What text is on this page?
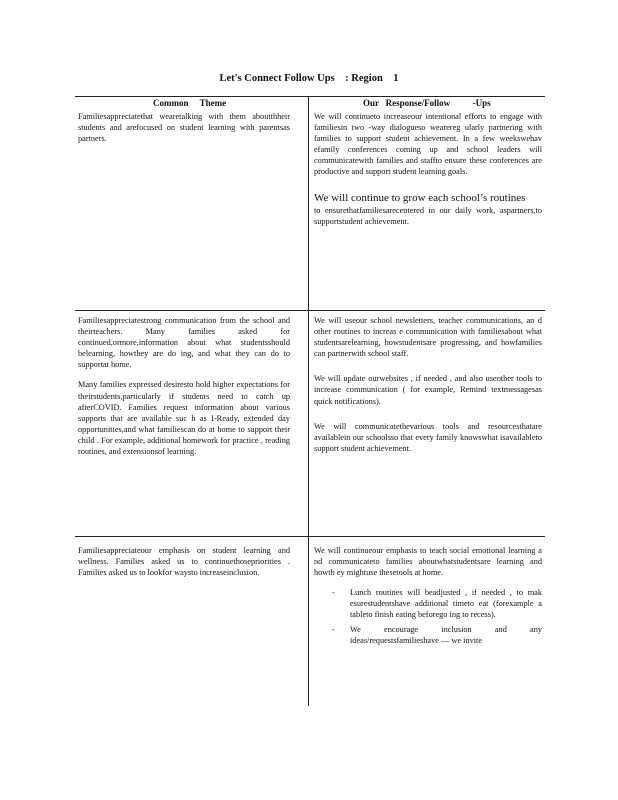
Let's Connect Follow Ups    : Region    1
Common     Theme	Our   Response/Follow          -Ups

Familiesappreciatethat wearetalking with them aboutthheir students and arefocused on student learning with parentsas partners.

We will continueto increaseour intentional efforts to engage with familiesin two -way dialogueso wearereg ularly partnering with families to support student achievement. In a few weekswehav efamily conferences coming up and school leaders will communicatewith families and staffto ensure these conferences are productive and support student learning goals.

We will continue to grow each school’s routines

to ensurethatfamiliesarecentered in our daily work, aspartners,to supportstudent achievement.

Familiesappreciatestrong communication from the school and theirteachers. Many families asked for continued,ormore,information about what studentsshould belearning, howthey are do ing, and what they can do to supportat home.

Many families expressed desiresto hold higher expectations for theirstudents,particularly if students need to catch up afterCOVID. Families request information about various supports that are available suc h as I-Ready, extended day opportunities,and what familiescan do at home to support their child . For example, additional homework for practice , reading routines, and extensionsof learning.

We will useour school newsletters, teacher communications, an d other routines to increas e communication with familiesabout what studentsarelearning, howstudentsare progressing, and howfamilies can partnerwith school staff.

We will update ourwebsites , if needed , and also useother tools to increase communication ( for example, Remind textmessagesas quick notifications).

We will communicatethevarious tools and resourcesthatare availablein our schoolsso that every family knowswhat isavailableto support student achievement.

Familiesappreciateour emphasis on student learning and wellness. Families asked us to continuethosepriorities . Families asked us to lookfor waysto increaseinclusion.

We will continueour emphasis to teach social emotional learning a nd communicateto families aboutwhatstudentsare learning and howth ey mightuse thesetools at home.

- Lunch routines will beadjusted , if needed , to mak esurestudentshave additional timeto eat (forexample a tableto finish eating beforego ing to recess).
- We encourage inclusion and any ideas/requestsfamilieshave — we invite
